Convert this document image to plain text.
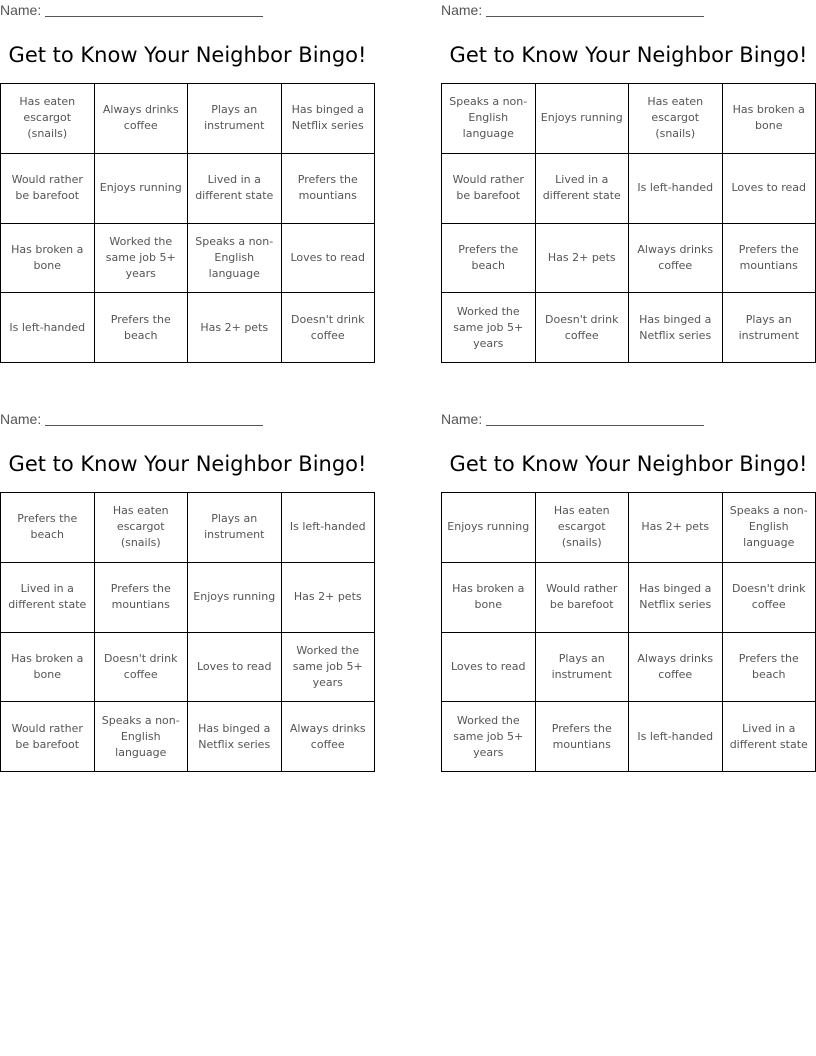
Name:
Get to Know Your Neighbor Bingo!
Has eaten escargot (snails)	Always drinks coffee	Plays an instrument	Has binged a Netflix series
Would rather be barefoot	Enjoys running	Lived in a different state	Prefers the mountians
Has broken a bone	Worked the same job 5+ years	Speaks a non-English language	Loves to read
Is left-handed	Prefers the beach	Has 2+ pets	Doesn't drink coffee
Name:
Get to Know Your Neighbor Bingo!
Speaks a non-English language	Enjoys running	Has eaten escargot (snails)	Has broken a bone
Would rather be barefoot	Lived in a different state	Is left-handed	Loves to read
Prefers the beach	Has 2+ pets	Always drinks coffee	Prefers the mountians
Worked the same job 5+ years	Doesn't drink coffee	Has binged a Netflix series	Plays an instrument
Name:
Get to Know Your Neighbor Bingo!
Prefers the beach	Has eaten escargot (snails)	Plays an instrument	Is left-handed
Lived in a different state	Prefers the mountians	Enjoys running	Has 2+ pets
Has broken a bone	Doesn't drink coffee	Loves to read	Worked the same job 5+ years
Would rather be barefoot	Speaks a non-English language	Has binged a Netflix series	Always drinks coffee
Name:
Get to Know Your Neighbor Bingo!
Enjoys running	Has eaten escargot (snails)	Has 2+ pets	Speaks a non-English language
Has broken a bone	Would rather be barefoot	Has binged a Netflix series	Doesn't drink coffee
Loves to read	Plays an instrument	Always drinks coffee	Prefers the beach
Worked the same job 5+ years	Prefers the mountians	Is left-handed	Lived in a different state
